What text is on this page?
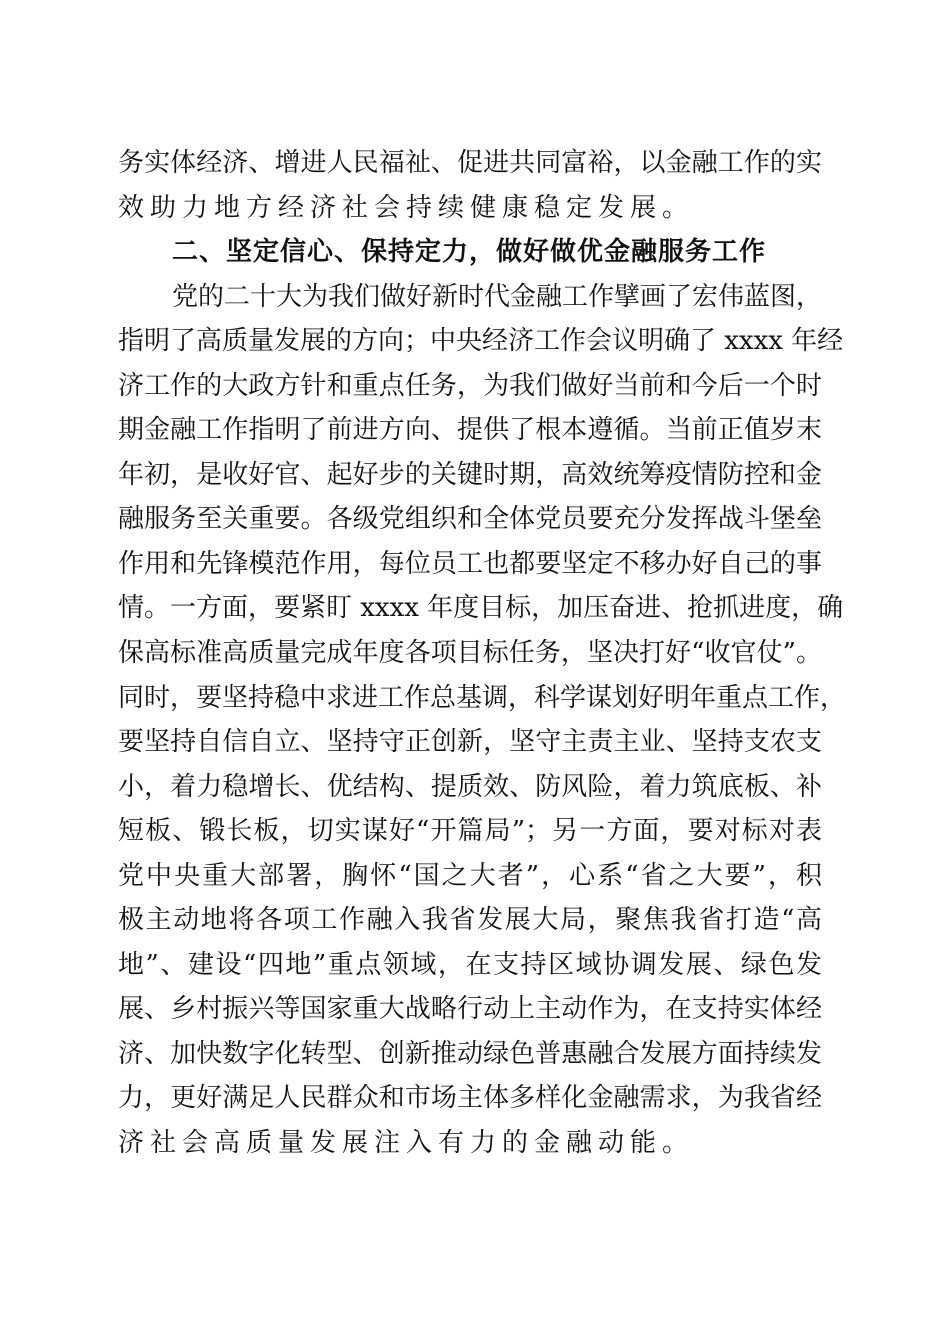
务实体经济、增进人民福祉、促进共同富裕，以金融工作的实
效助力地方经济社会持续健康稳定发展。
二、坚定信心、保持定力，做好做优金融服务工作
党的二十大为我们做好新时代金融工作擘画了宏伟蓝图，
指明了高质量发展的方向；中央经济工作会议明确了 xxxx 年经
济工作的大政方针和重点任务，为我们做好当前和今后一个时
期金融工作指明了前进方向、提供了根本遵循。当前正值岁末
年初，是收好官、起好步的关键时期，高效统筹疫情防控和金
融服务至关重要。各级党组织和全体党员要充分发挥战斗堡垒
作用和先锋模范作用，每位员工也都要坚定不移办好自己的事
情。一方面，要紧盯 xxxx 年度目标，加压奋进、抢抓进度，确
保高标准高质量完成年度各项目标任务，坚决打好“收官仗”。
同时，要坚持稳中求进工作总基调，科学谋划好明年重点工作，
要坚持自信自立、坚持守正创新，坚守主责主业、坚持支农支
小，着力稳增长、优结构、提质效、防风险，着力筑底板、补
短板、锻长板，切实谋好“开篇局”；另一方面，要对标对表
党中央重大部署，胸怀“国之大者”，心系“省之大要”，积
极主动地将各项工作融入我省发展大局，聚焦我省打造“高
地”、建设“四地”重点领域，在支持区域协调发展、绿色发
展、乡村振兴等国家重大战略行动上主动作为，在支持实体经
济、加快数字化转型、创新推动绿色普惠融合发展方面持续发
力，更好满足人民群众和市场主体多样化金融需求，为我省经
济社会高质量发展注入有力的金融动能。
